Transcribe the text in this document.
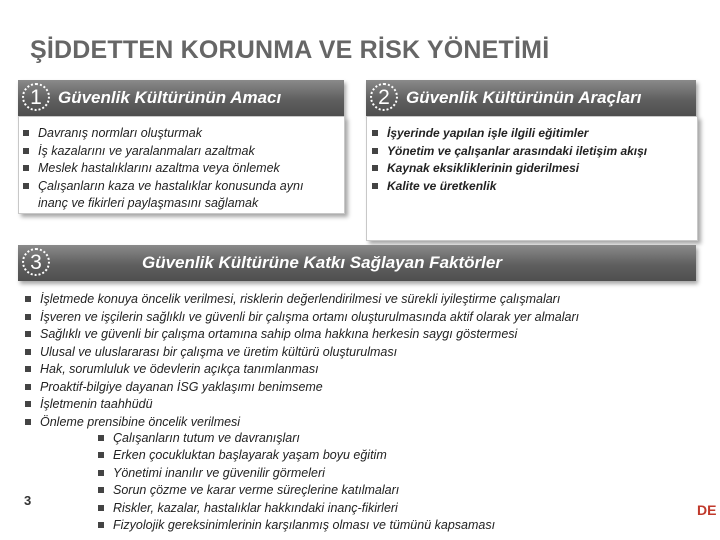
ŞİDDETTEN KORUNMA VE RİSK YÖNETİMİ
1 Güvenlik Kültürünün Amacı
Davranış normları oluşturmak
İş kazalarını ve yaralanmaları azaltmak
Meslek hastalıklarını azaltma veya önlemek
Çalışanların kaza ve hastalıklar konusunda aynı inanç ve fikirleri paylaşmasını sağlamak
2 Güvenlik Kültürünün Araçları
İşyerinde yapılan işle ilgili eğitimler
Yönetim ve çalışanlar arasındaki iletişim akışı
Kaynak eksikliklerinin giderilmesi
Kalite ve üretkenlik
3	Güvenlik Kültürüne Katkı Sağlayan Faktörler
İşletmede konuya öncelik verilmesi, risklerin değerlendirilmesi ve sürekli iyileştirme çalışmaları
İşveren ve işçilerin sağlıklı ve güvenli bir çalışma ortamı oluşturulmasında aktif olarak yer almaları
Sağlıklı ve güvenli bir çalışma ortamına sahip olma hakkına herkesin saygı göstermesi
Ulusal ve uluslararası bir çalışma ve üretim kültürü oluşturulması
Hak, sorumluluk ve ödevlerin açıkça tanımlanması
Proaktif-bilgiye dayanan İSG yaklaşımı benimseme
İşletmenin taahhüdü
Önleme prensibine öncelik verilmesi
Çalışanların tutum ve davranışları
Erken çocukluktan başlayarak yaşam boyu eğitim
Yönetimi inanılır ve güvenilir görmeleri
Sorun çözme ve karar verme süreçlerine katılmaları
Riskler, kazalar, hastalıklar hakkındaki inanç-fikirleri
Fizyolojik gereksinimlerinin karşılanmış olması ve tümünü kapsaması
3
DE
